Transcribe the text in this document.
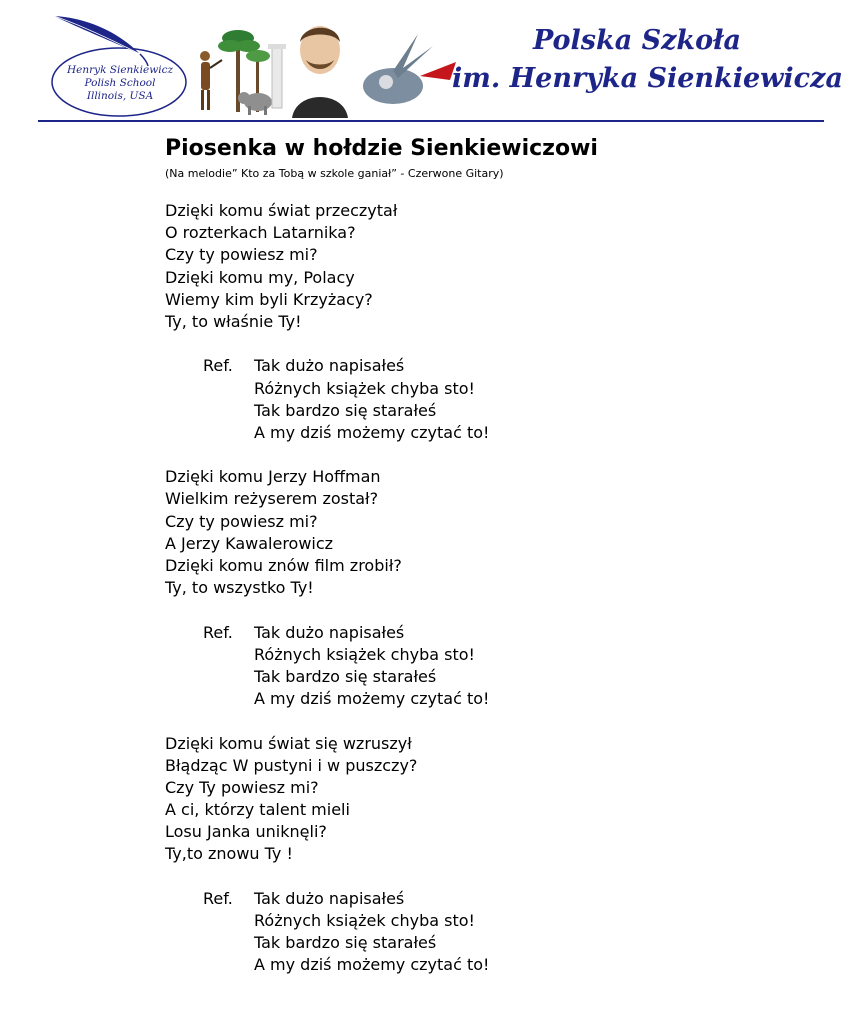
Henryk Sienkiewicz
Polish School
Illinois, USA
Polska Szkoła
im. Henryka Sienkiewicza
Piosenka w hołdzie Sienkiewiczowi
(Na melodie” Kto za Tobą w szkole ganiał” - Czerwone Gitary)
Dzięki komu świat przeczytał
O rozterkach Latarnika?
Czy ty powiesz mi?
Dzięki komu my, Polacy
Wiemy kim byli Krzyżacy?
Ty, to właśnie Ty!
Ref. Tak dużo napisałeś
Różnych książek chyba sto!
Tak bardzo się starałeś
A my dziś możemy czytać to!
Dzięki komu Jerzy Hoffman
Wielkim reżyserem został?
Czy ty powiesz mi?
A Jerzy Kawalerowicz
Dzięki komu znów film zrobił?
Ty, to wszystko Ty!
Ref. Tak dużo napisałeś
Różnych książek chyba sto!
Tak bardzo się starałeś
A my dziś możemy czytać to!
Dzięki komu świat się wzruszył
Błądząc W pustyni i w puszczy?
Czy Ty powiesz mi?
A ci, którzy talent mieli
Losu Janka uniknęli?
Ty,to znowu Ty !
Ref. Tak dużo napisałeś
Różnych książek chyba sto!
Tak bardzo się starałeś
A my dziś możemy czytać to!
